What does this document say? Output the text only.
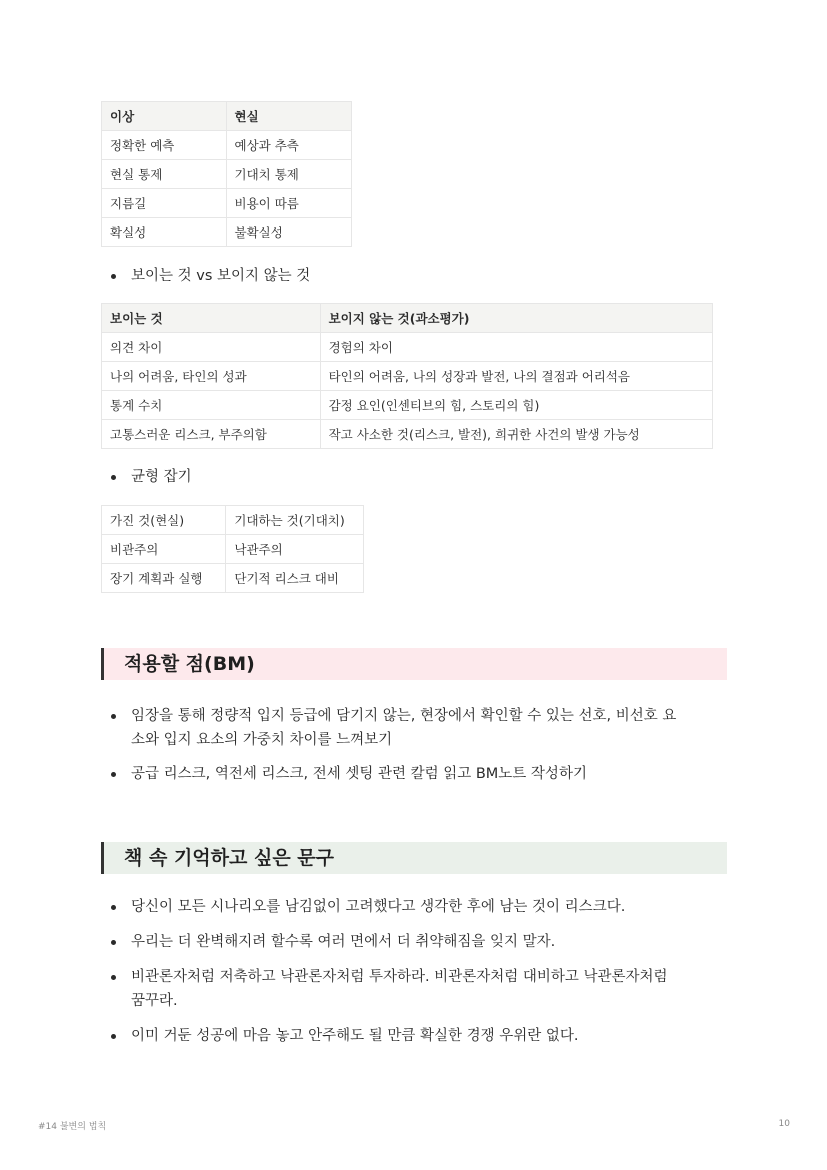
이상	현실
정확한 예측	예상과 추측
현실 통제	기대치 통제
지름길	비용이 따름
확실성	불확실성
보이는 것 vs 보이지 않는 것
보이는 것	보이지 않는 것(과소평가)
의견 차이	경험의 차이
나의 어려움, 타인의 성과	타인의 어려움, 나의 성장과 발전, 나의 결점과 어리석음
통계 수치	감정 요인(인센티브의 힘, 스토리의 힘)
고통스러운 리스크, 부주의함	작고 사소한 것(리스크, 발전), 희귀한 사건의 발생 가능성
균형 잡기
가진 것(현실)	기대하는 것(기대치)
비관주의	낙관주의
장기 계획과 실행	단기적 리스크 대비
적용할 점(BM)
임장을 통해 정량적 입지 등급에 담기지 않는, 현장에서 확인할 수 있는 선호, 비선호 요
소와 입지 요소의 가중치 차이를 느껴보기
공급 리스크, 역전세 리스크, 전세 셋팅 관련 칼럼 읽고 BM노트 작성하기
책 속 기억하고 싶은 문구
당신이 모든 시나리오를 남김없이 고려했다고 생각한 후에 남는 것이 리스크다.
우리는 더 완벽해지려 할수록 여러 면에서 더 취약해짐을 잊지 말자.
비관론자처럼 저축하고 낙관론자처럼 투자하라. 비관론자처럼 대비하고 낙관론자처럼
꿈꾸라.
이미 거둔 성공에 마음 놓고 안주해도 될 만큼 확실한 경쟁 우위란 없다.
#14 불변의 법칙	10
